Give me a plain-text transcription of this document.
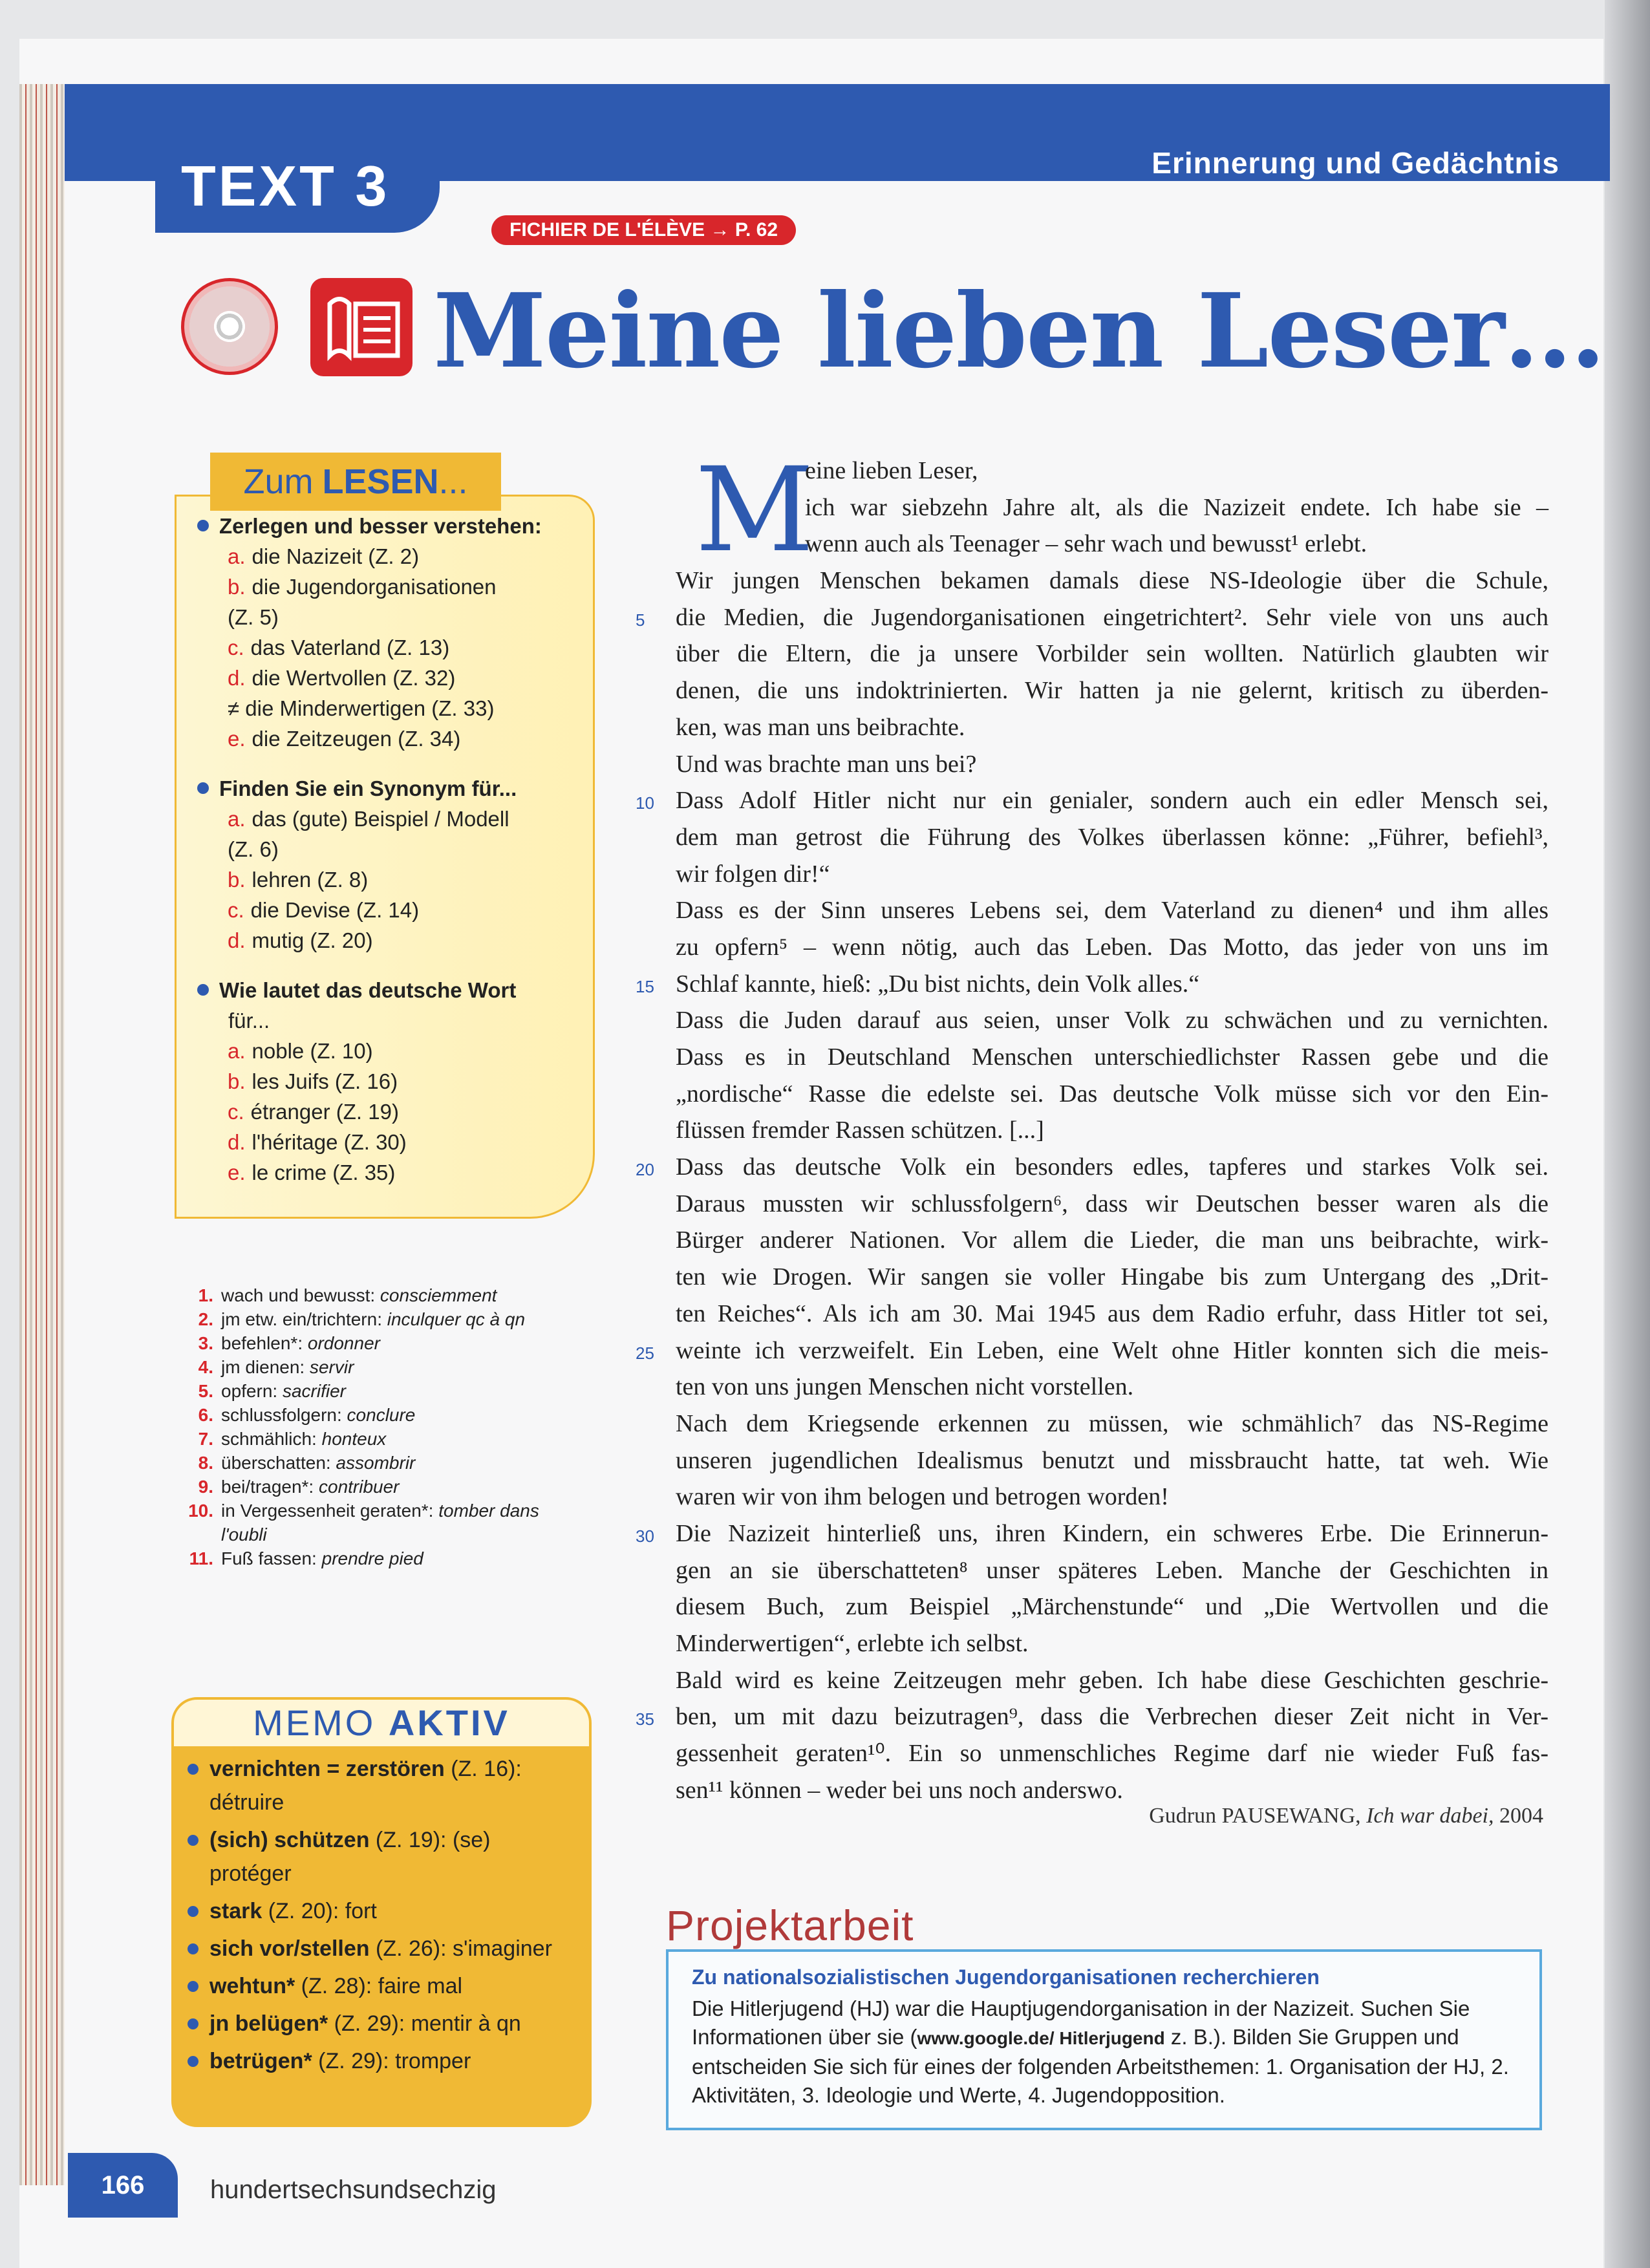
TEXT 3	Erinnerung und Gedächtnis
FICHIER DE L'ÉLÈVE → P. 62
Meine lieben Leser…
Zum LESEN ...
Zerlegen und besser verstehen:
a. die Nazizeit (Z. 2)
b. die Jugendorganisationen
(Z. 5)
c. das Vaterland (Z. 13)
d. die Wertvollen (Z. 32)
≠ die Minderwertigen (Z. 33)
e. die Zeitzeugen (Z. 34)
Finden Sie ein Synonym für...
a. das (gute) Beispiel / Modell
(Z. 6)
b. lehren (Z. 8)
c. die Devise (Z. 14)
d. mutig (Z. 20)
Wie lautet das deutsche Wort
für...
a. noble (Z. 10)
b. les Juifs (Z. 16)
c. étranger (Z. 19)
d. l'héritage (Z. 30)
e. le crime (Z. 35)
1. wach und bewusst: consciemment
2. jm etw. ein/trichtern: inculquer qc à qn
3. befehlen*: ordonner
4. jm dienen: servir
5. opfern: sacrifier
6. schlussfolgern: conclure
7. schmählich: honteux
8. überschatten: assombrir
9. bei/tragen*: contribuer
10. in Vergessenheit geraten*: tomber dans l'oubli
11. Fuß fassen: prendre pied
MEMO AKTIV
vernichten = zerstören (Z. 16): détruire
(sich) schützen (Z. 19): (se) protéger
stark (Z. 20): fort
sich vor/stellen (Z. 26): s'imaginer
wehtun* (Z. 28): faire mal
jn belügen* (Z. 29): mentir à qn
betrügen* (Z. 29): tromper
M
eine lieben Leser,
ich war siebzehn Jahre alt, als die Nazizeit endete. Ich habe sie –
wenn auch als Teenager – sehr wach und bewusst¹ erlebt.
Wir jungen Menschen bekamen damals diese NS-Ideologie über die Schule,
5 die Medien, die Jugendorganisationen eingetrichtert². Sehr viele von uns auch
über die Eltern, die ja unsere Vorbilder sein wollten. Natürlich glaubten wir
denen, die uns indoktrinierten. Wir hatten ja nie gelernt, kritisch zu überden-
ken, was man uns beibrachte.
Und was brachte man uns bei?
10 Dass Adolf Hitler nicht nur ein genialer, sondern auch ein edler Mensch sei,
dem man getrost die Führung des Volkes überlassen könne: „Führer, befiehl³,
wir folgen dir!“
Dass es der Sinn unseres Lebens sei, dem Vaterland zu dienen⁴ und ihm alles
zu opfern⁵ – wenn nötig, auch das Leben. Das Motto, das jeder von uns im
15 Schlaf kannte, hieß: „Du bist nichts, dein Volk alles.“
Dass die Juden darauf aus seien, unser Volk zu schwächen und zu vernichten.
Dass es in Deutschland Menschen unterschiedlichster Rassen gebe und die
„nordische“ Rasse die edelste sei. Das deutsche Volk müsse sich vor den Ein-
flüssen fremder Rassen schützen. [...]
20 Dass das deutsche Volk ein besonders edles, tapferes und starkes Volk sei.
Daraus mussten wir schlussfolgern⁶, dass wir Deutschen besser waren als die
Bürger anderer Nationen. Vor allem die Lieder, die man uns beibrachte, wirk-
ten wie Drogen. Wir sangen sie voller Hingabe bis zum Untergang des „Drit-
ten Reiches“. Als ich am 30. Mai 1945 aus dem Radio erfuhr, dass Hitler tot sei,
25 weinte ich verzweifelt. Ein Leben, eine Welt ohne Hitler konnten sich die meis-
ten von uns jungen Menschen nicht vorstellen.
Nach dem Kriegsende erkennen zu müssen, wie schmählich⁷ das NS-Regime
unseren jugendlichen Idealismus benutzt und missbraucht hatte, tat weh. Wie
waren wir von ihm belogen und betrogen worden!
30 Die Nazizeit hinterließ uns, ihren Kindern, ein schweres Erbe. Die Erinnerun-
gen an sie überschatteten⁸ unser späteres Leben. Manche der Geschichten in
diesem Buch, zum Beispiel „Märchenstunde“ und „Die Wertvollen und die
Minderwertigen“, erlebte ich selbst.
Bald wird es keine Zeitzeugen mehr geben. Ich habe diese Geschichten geschrie-
35 ben, um mit dazu beizutragen⁹, dass die Verbrechen dieser Zeit nicht in Ver-
gessenheit geraten¹⁰. Ein so unmenschliches Regime darf nie wieder Fuß fas-
sen¹¹ können – weder bei uns noch anderswo.
Gudrun PAUSEWANG, Ich war dabei, 2004
Projektarbeit
Zu nationalsozialistischen Jugendorganisationen recherchieren
Die Hitlerjugend (HJ) war die Hauptjugendorganisation in der Nazizeit. Suchen Sie Informationen über sie (www.google.de/ Hitlerjugend z. B.). Bilden Sie Gruppen und entscheiden Sie sich für eines der folgenden Arbeitsthemen: 1. Organisation der HJ, 2. Aktivitäten, 3. Ideologie und Werte, 4. Jugendopposition.
166	hundertsechsundsechzig
